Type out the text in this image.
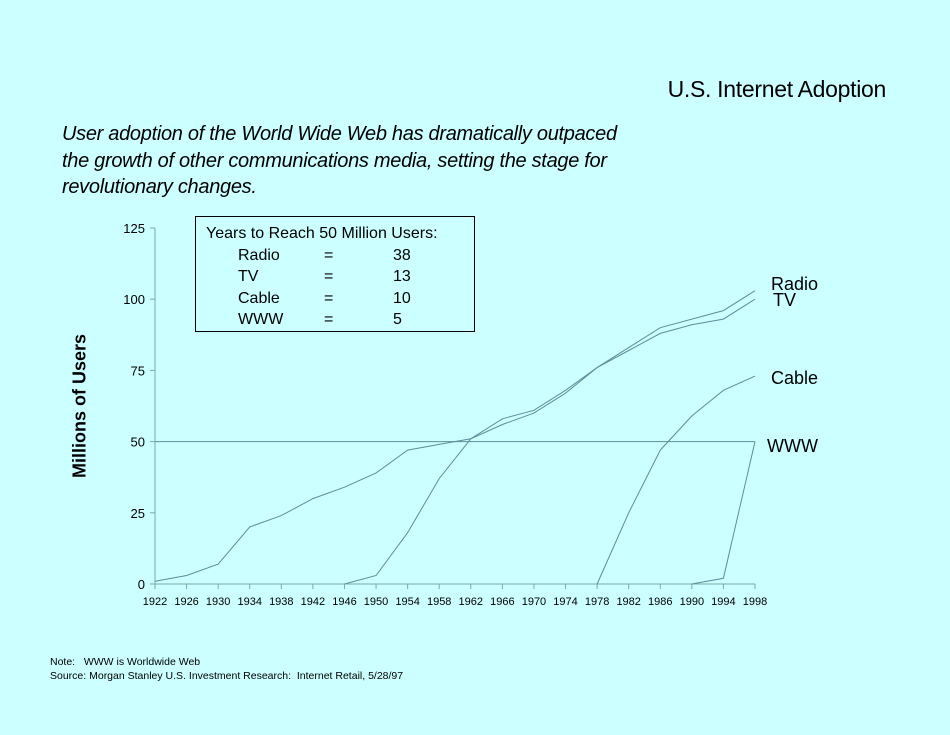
U.S. Internet Adoption
User adoption of the World Wide Web has dramatically outpaced
the growth of other communications media, setting the stage for
revolutionary changes.
Millions of Users
0
25
50
75
100
125
1922 1926 1930 1934 1938 1942 1946 1950 1954 1958 1962 1966 1970 1974 1978 1982 1986 1990 1994 1998
Radio
TV
Cable
WWW
Years to Reach 50 Million Users:
Radio	=	38
TV	=	13
Cable	=	10
WWW	=	5
Note:   WWW is Worldwide Web
Source: Morgan Stanley U.S. Investment Research:  Internet Retail, 5/28/97
